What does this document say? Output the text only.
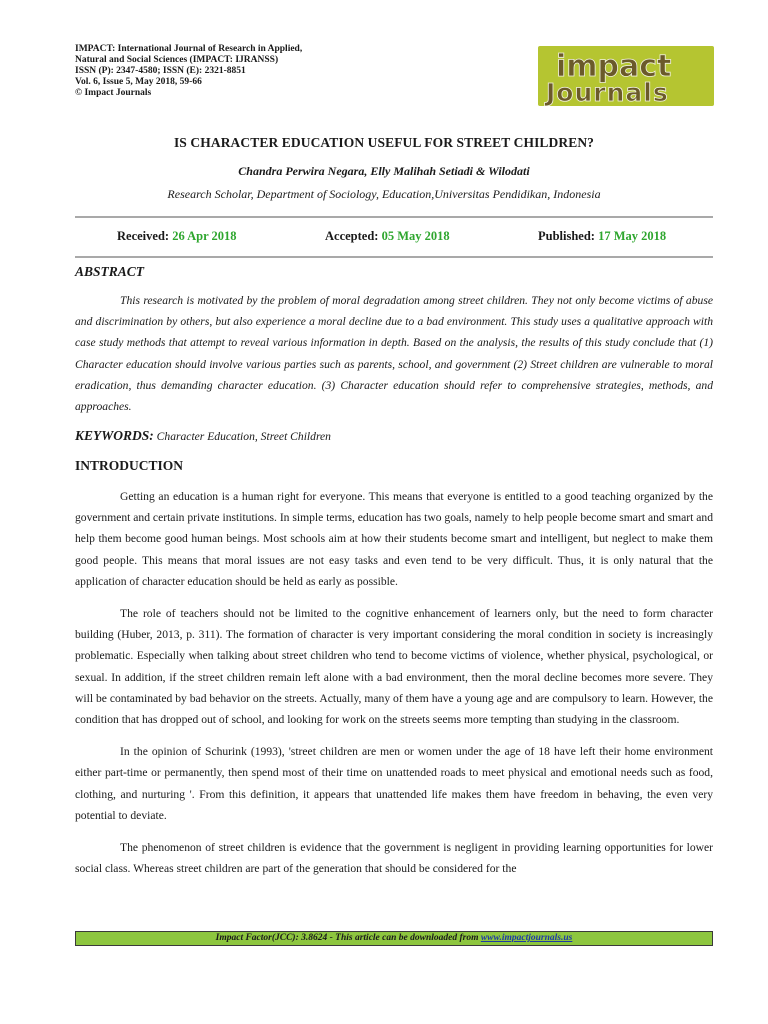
IMPACT: International Journal of Research in Applied,
Natural and Social Sciences (IMPACT: IJRANSS)
ISSN (P): 2347-4580; ISSN (E): 2321-8851
Vol. 6, Issue 5, May 2018, 59-66
© Impact Journals
impact
Journals
IS CHARACTER EDUCATION USEFUL FOR STREET CHILDREN?
Chandra Perwira Negara, Elly Malihah Setiadi & Wilodati
Research Scholar, Department of Sociology, Education,Universitas Pendidikan, Indonesia
Received: 26 Apr 2018	Accepted: 05 May 2018	Published: 17 May 2018
ABSTRACT

This research is motivated by the problem of moral degradation among street children. They not only become victims of abuse and discrimination by others, but also experience a moral decline due to a bad environment. This study uses a qualitative approach with case study methods that attempt to reveal various information in depth. Based on the analysis, the results of this study conclude that (1) Character education should involve various parties such as parents, school, and government (2) Street children are vulnerable to moral eradication, thus demanding character education. (3) Character education should refer to comprehensive strategies, methods, and approaches.

KEYWORDS: Character Education, Street Children
INTRODUCTION

Getting an education is a human right for everyone. This means that everyone is entitled to a good teaching organized by the government and certain private institutions. In simple terms, education has two goals, namely to help people become smart and smart and help them become good human beings. Most schools aim at how their students become smart and intelligent, but neglect to make them good people. This means that moral issues are not easy tasks and even tend to be very difficult. Thus, it is only natural that the application of character education should be held as early as possible.

The role of teachers should not be limited to the cognitive enhancement of learners only, but the need to form character building (Huber, 2013, p. 311). The formation of character is very important considering the moral condition in society is increasingly problematic. Especially when talking about street children who tend to become victims of violence, whether physical, psychological, or sexual. In addition, if the street children remain left alone with a bad environment, then the moral decline becomes more severe. They will be contaminated by bad behavior on the streets. Actually, many of them have a young age and are compulsory to learn. However, the condition that has dropped out of school, and looking for work on the streets seems more tempting than studying in the classroom.

In the opinion of Schurink (1993), 'street children are men or women under the age of 18 have left their home environment either part-time or permanently, then spend most of their time on unattended roads to meet physical and emotional needs such as food, clothing, and nurturing '. From this definition, it appears that unattended life makes them have freedom in behaving, the even very potential to deviate.

The phenomenon of street children is evidence that the government is negligent in providing learning opportunities for lower social class. Whereas street children are part of the generation that should be considered for the

Impact Factor(JCC): 3.8624 - This article can be downloaded from www.impactjournals.us
